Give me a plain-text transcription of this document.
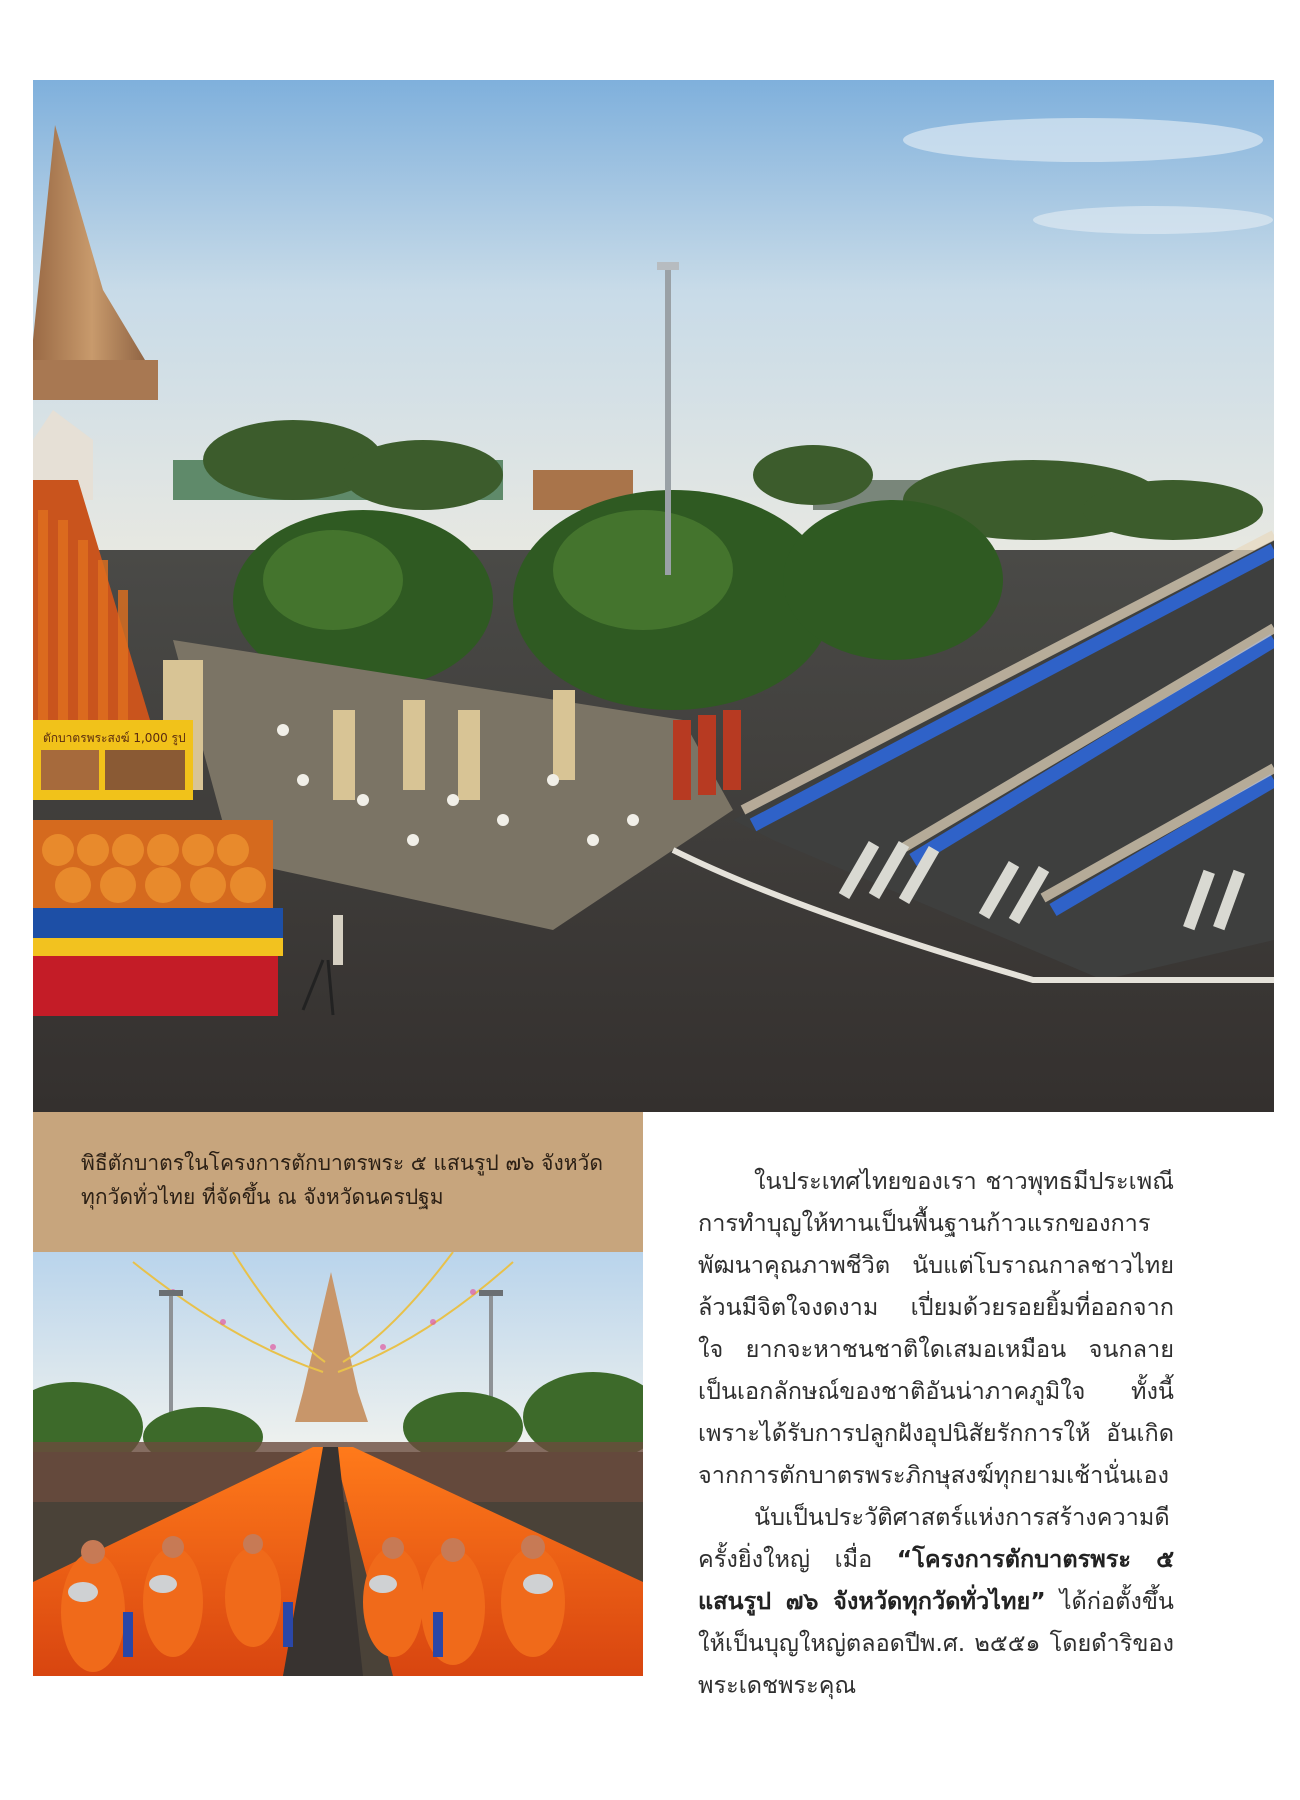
ตักบาตรพระสงฆ์ 1,000 รูป

พิธีตักบาตรในโครงการตักบาตรพระ ๕ แสนรูป ๗๖ จังหวัด

ทุกวัดทั่วไทย ที่จัดขึ้น ณ จังหวัดนครปฐม

ในประเทศไทยของเรา ชาวพุทธมีประเพณีการทำบุญให้ทานเป็นพื้นฐานก้าวแรกของการพัฒนาคุณภาพชีวิต นับแต่โบราณกาลชาวไทยล้วนมีจิตใจงดงาม เปี่ยมด้วยรอยยิ้มที่ออกจากใจ ยากจะหาชนชาติใดเสมอเหมือน จนกลายเป็นเอกลักษณ์ของชาติอันน่าภาคภูมิใจ ทั้งนี้ เพราะได้รับการปลูกฝังอุปนิสัยรักการให้ อันเกิดจากการตักบาตรพระภิกษุสงฆ์ทุกยามเช้านั่นเอง

นับเป็นประวัติศาสตร์แห่งการสร้างความดีครั้งยิ่งใหญ่ เมื่อ “โครงการตักบาตรพระ ๕ แสนรูป ๗๖ จังหวัดทุกวัดทั่วไทย” ได้ก่อตั้งขึ้นให้เป็นบุญใหญ่ตลอดปีพ.ศ. ๒๕๕๑ โดยดำริของพระเดชพระคุณ
